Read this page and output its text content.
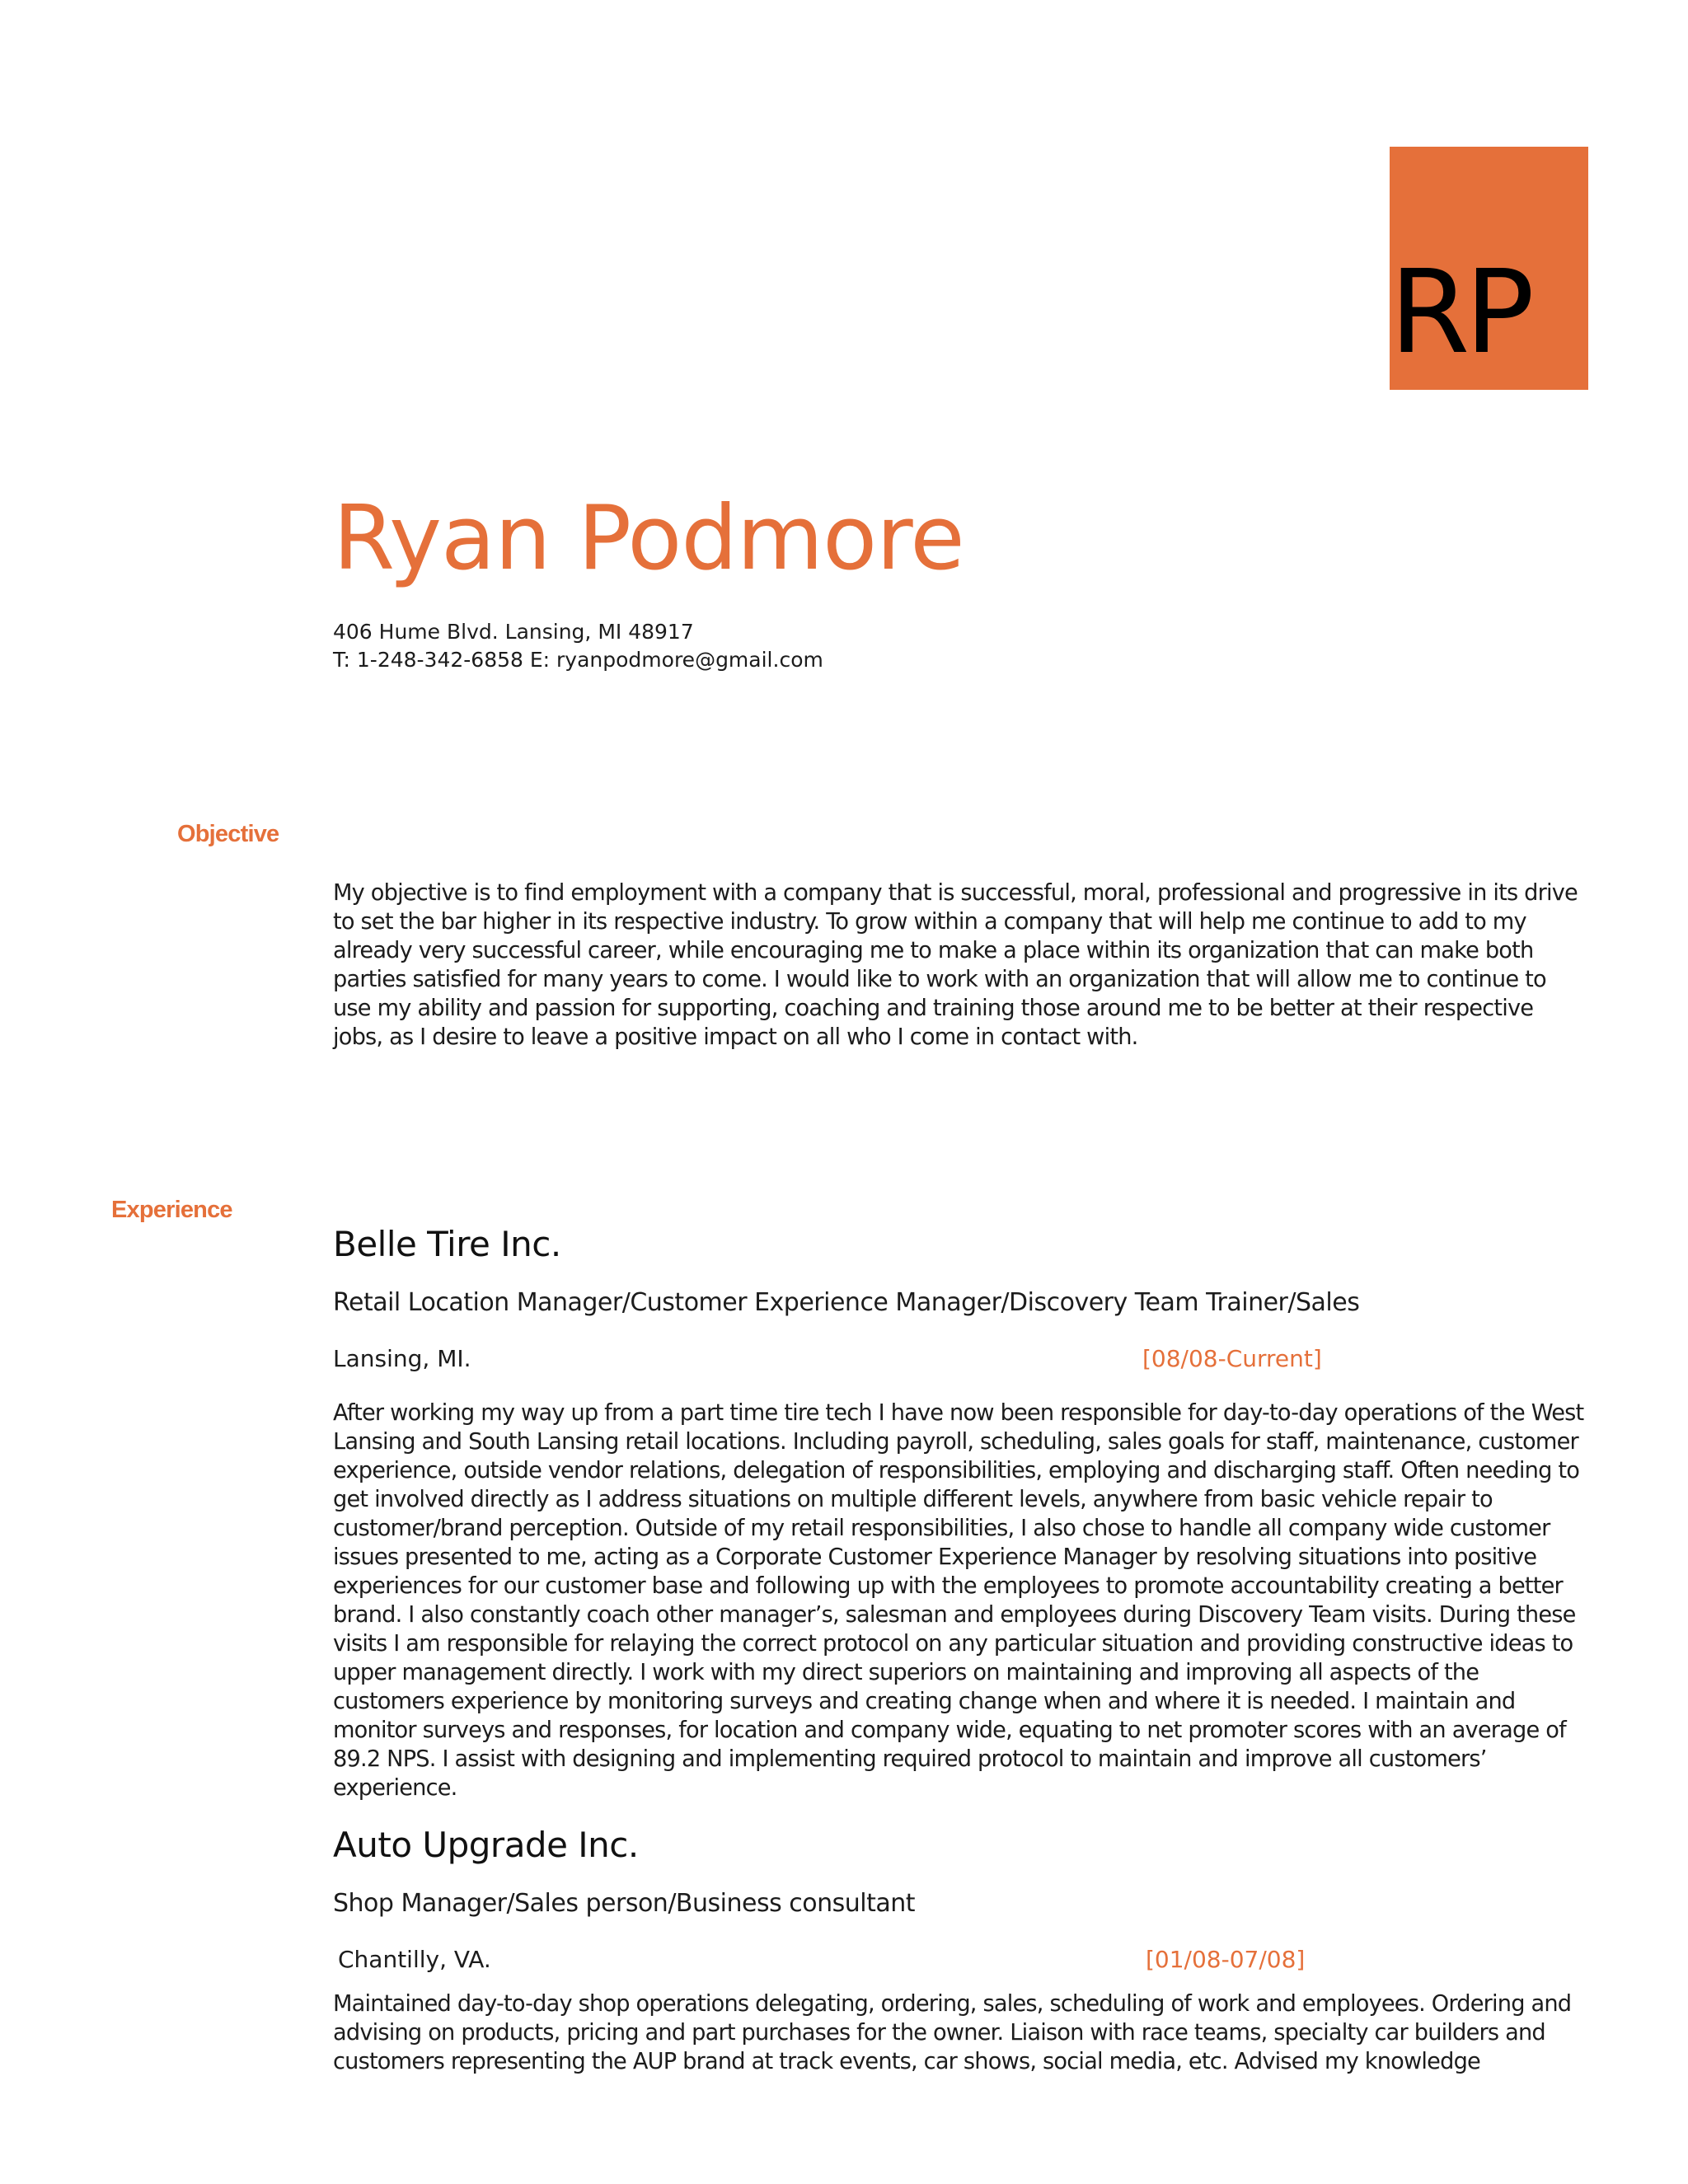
RP
Ryan Podmore
406 Hume Blvd. Lansing, MI 48917
T: 1-248-342-6858 E: ryanpodmore@gmail.com
Objective
My objective is to find employment with a company that is successful, moral, professional and progressive in its drive to set the bar higher in its respective industry. To grow within a company that will help me continue to add to my already very successful career, while encouraging me to make a place within its organization that can make both parties satisfied for many years to come. I would like to work with an organization that will allow me to continue to use my ability and passion for supporting, coaching and training those around me to be better at their respective jobs, as I desire to leave a positive impact on all who I come in contact with.
Experience
Belle Tire Inc.
Retail Location Manager/Customer Experience Manager/Discovery Team Trainer/Sales
Lansing, MI.	[08/08-Current]
After working my way up from a part time tire tech I have now been responsible for day-to-day operations of the West Lansing and South Lansing retail locations. Including payroll, scheduling, sales goals for staff, maintenance, customer experience, outside vendor relations, delegation of responsibilities, employing and discharging staff. Often needing to get involved directly as I address situations on multiple different levels, anywhere from basic vehicle repair to customer/brand perception. Outside of my retail responsibilities, I also chose to handle all company wide customer issues presented to me, acting as a Corporate Customer Experience Manager by resolving situations into positive experiences for our customer base and following up with the employees to promote accountability creating a better brand. I also constantly coach other manager’s, salesman and employees during Discovery Team visits. During these visits I am responsible for relaying the correct protocol on any particular situation and providing constructive ideas to upper management directly. I work with my direct superiors on maintaining and improving all aspects of the customers experience by monitoring surveys and creating change when and where it is needed. I maintain and monitor surveys and responses, for location and company wide, equating to net promoter scores with an average of 89.2 NPS. I assist with designing and implementing required protocol to maintain and improve all customers’ experience.
Auto Upgrade Inc.
Shop Manager/Sales person/Business consultant
Chantilly, VA.	[01/08-07/08]
Maintained day-to-day shop operations delegating, ordering, sales, scheduling of work and employees. Ordering and advising on products, pricing and part purchases for the owner. Liaison with race teams, specialty car builders and customers representing the AUP brand at track events, car shows, social media, etc. Advised my knowledge
